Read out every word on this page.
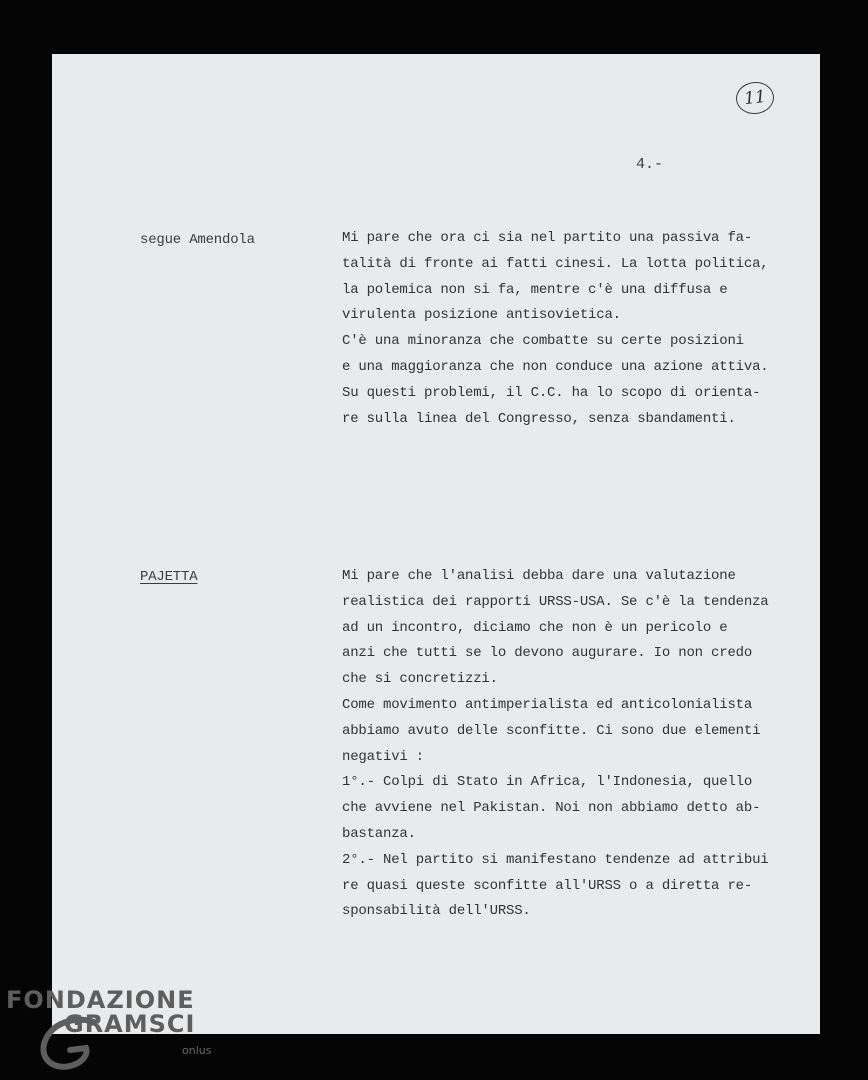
11
4.-
segue Amendola	Mi pare che ora ci sia nel partito una passiva fa-
talità di fronte ai fatti cinesi. La lotta politica,
la polemica non si fa, mentre c'è una diffusa e
virulenta posizione antisovietica.
C'è una minoranza che combatte su certe posizioni
e una maggioranza che non conduce una azione attiva.
Su questi problemi, il C.C. ha lo scopo di orienta-
re sulla linea del Congresso, senza sbandamenti.
PAJETTA	Mi pare che l'analisi debba dare una valutazione
realistica dei rapporti URSS-USA. Se c'è la tendenza
ad un incontro, diciamo che non è un pericolo e
anzi che tutti se lo devono augurare. Io non credo
che si concretizzi.
Come movimento antimperialista ed anticolonialista
abbiamo avuto delle sconfitte. Ci sono due elementi
negativi :
1°.- Colpi di Stato in Africa, l'Indonesia, quello
che avviene nel Pakistan. Noi non abbiamo detto ab-
bastanza.
2°.- Nel partito si manifestano tendenze ad attribui
re quasi queste sconfitte all'URSS o a diretta re-
sponsabilità dell'URSS.
FONDAZIONE
GRAMSCI
onlus
